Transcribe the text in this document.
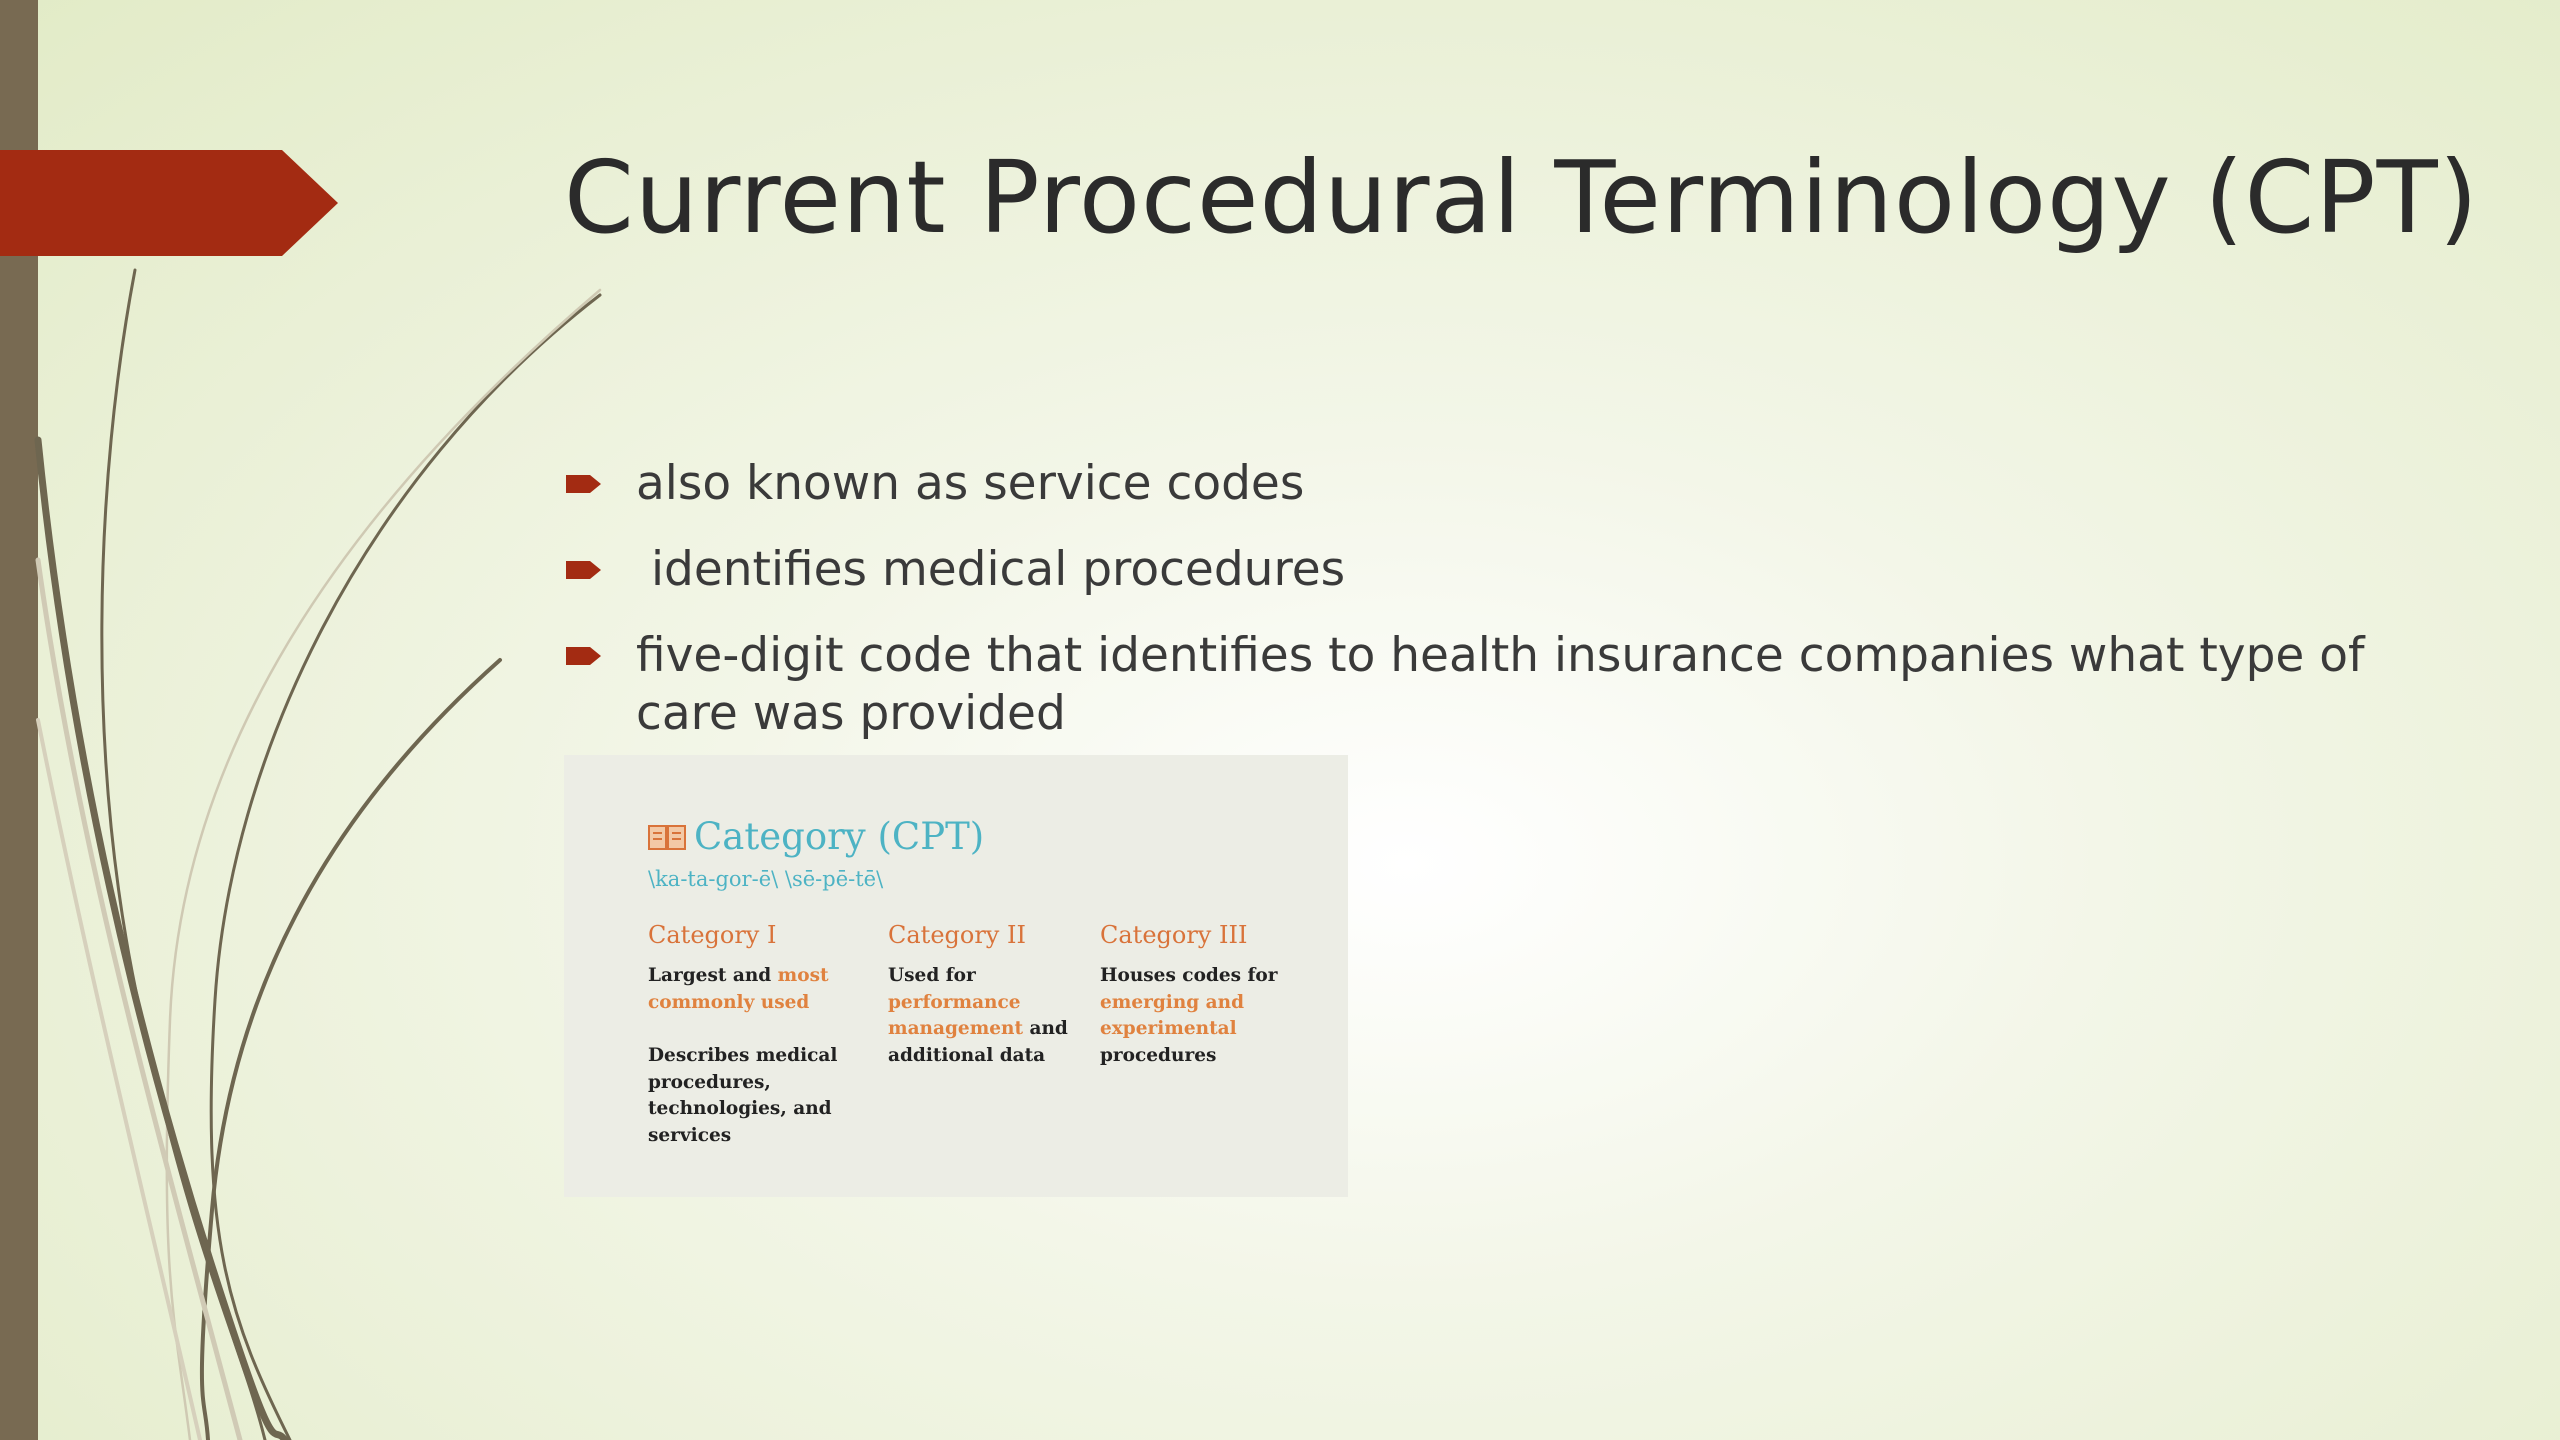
Current Procedural Terminology (CPT)
also known as service codes
identifies medical procedures
five-digit code that identifies to health insurance companies what type of care was provided
Category (CPT)
\ka-ta-gor-ē\ \sē-pē-tē\
Category I
Largest and most commonly used
Describes medical procedures, technologies, and services
Category II
Used for performance management and additional data
Category III
Houses codes for emerging and experimental procedures
